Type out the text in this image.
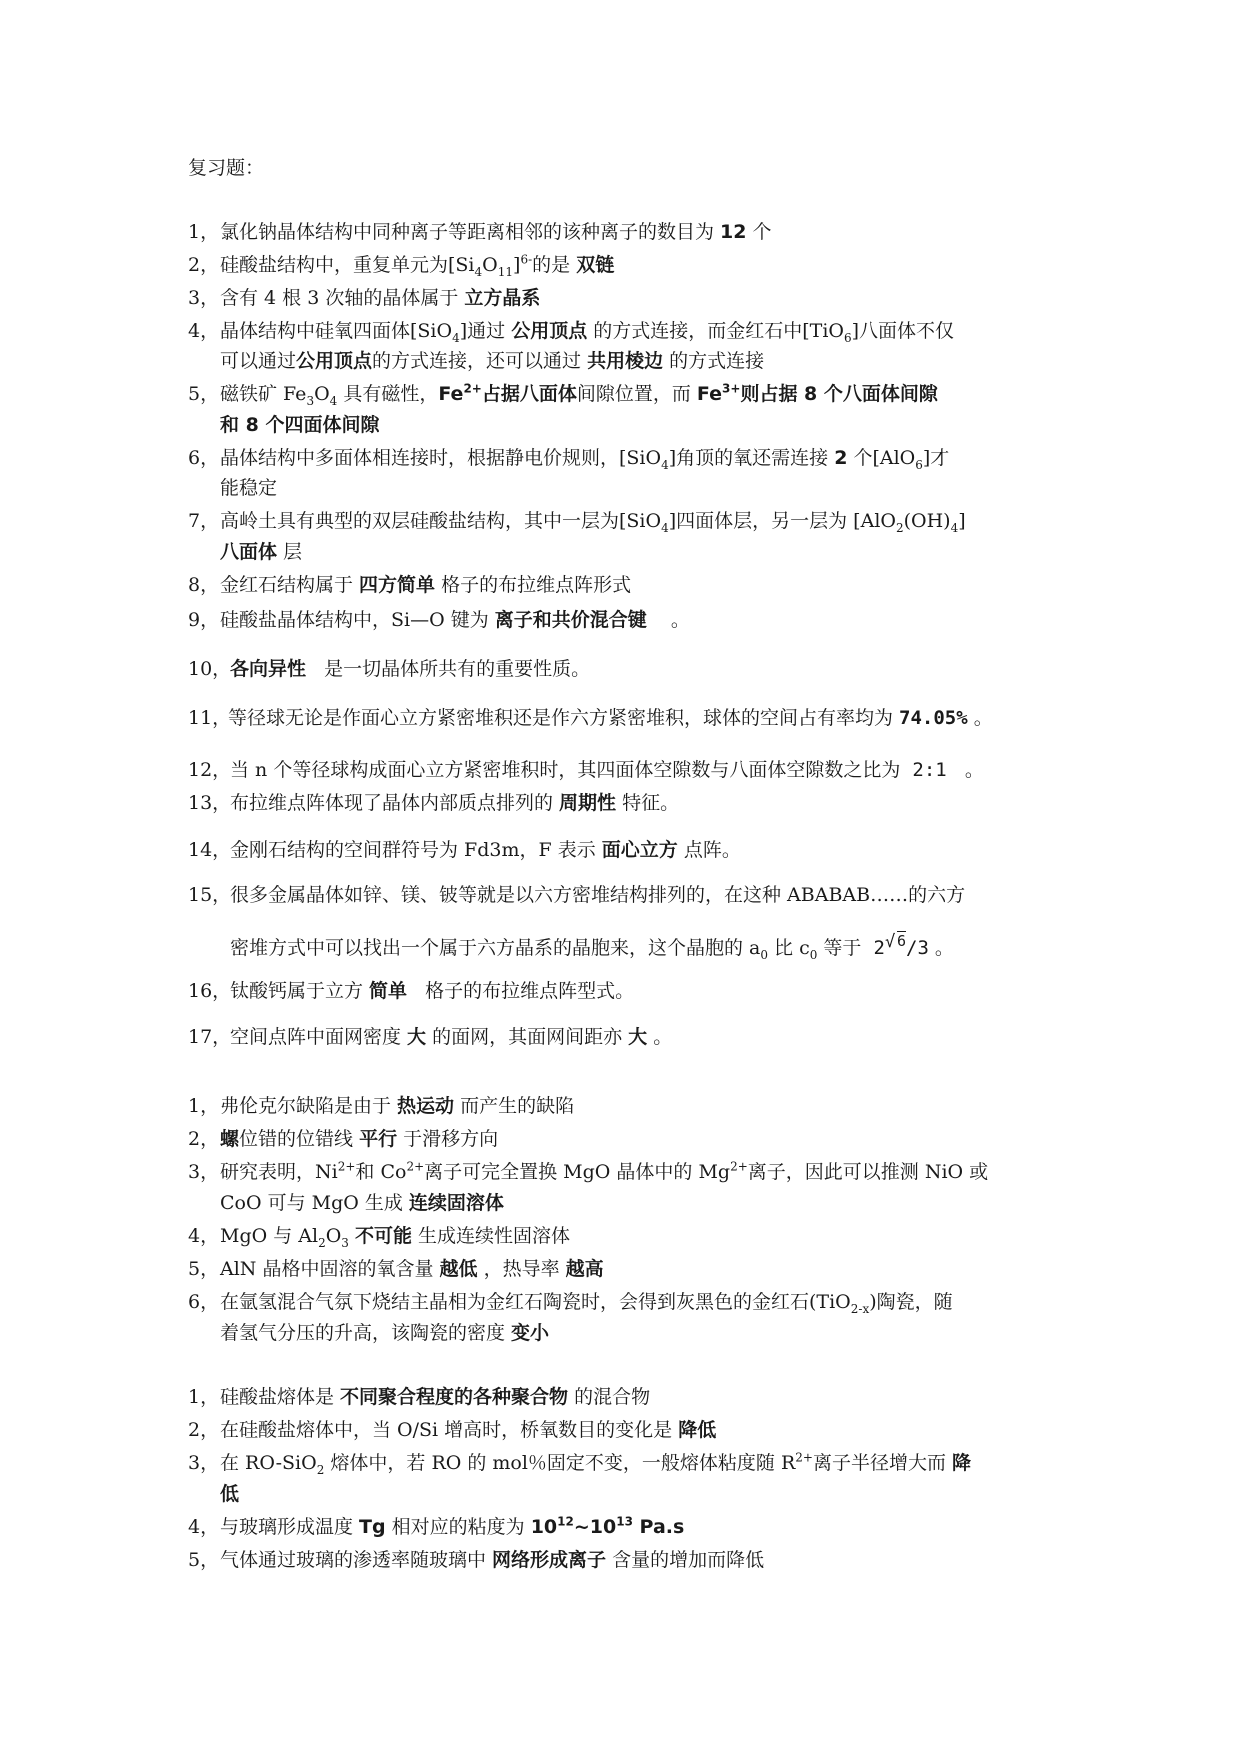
复习题：
1， 氯化钠晶体结构中同种离子等距离相邻的该种离子的数目为 12 个
2， 硅酸盐结构中，重复单元为$[Si_4O_{11}]^{6-}$的是 双链
3， 含有 4 根 3 次轴的晶体属于 立方晶系
4， 晶体结构中硅氧四面体[SiO$_4$]通过 公用顶点 的方式连接，而金红石中[TiO$_6$]八面体不仅
可以通过公用顶点的方式连接，还可以通过 共用棱边 的方式连接
5， 磁铁矿 $Fe_3O_4$ 具有磁性，$Fe^{2+}$占据八面体间隙位置，而 $Fe^{3+}$则占据 8 个八面体间隙
和 8 个四面体间隙
6， 晶体结构中多面体相连接时，根据静电价规则，[SiO$_4$]角顶的氧还需连接 2 个[AlO$_6$]才
能稳定
7， 高岭土具有典型的双层硅酸盐结构，其中一层为[SiO$_4$]四面体层，另一层为 $[AlO_2(OH)_4]$
八面体 层
8， 金红石结构属于 四方简单 格子的布拉维点阵形式
9， 硅酸盐晶体结构中，Si—O 键为 离子和共价混合键    。
10，
各向异性   是一切晶体所共有的重要性质。
11，
等径球无论是作面心立方紧密堆积还是作六方紧密堆积，球体的空间占有率均为 74.05% 。
12，
当 n 个等径球构成面心立方紧密堆积时，其四面体空隙数与八面体空隙数之比为  2:1   。
13，
布拉维点阵体现了晶体内部质点排列的 周期性 特征。
14，
金刚石结构的空间群符号为 Fd3m，F 表示 面心立方 点阵。
15，
很多金属晶体如锌、镁、铍等就是以六方密堆结构排列的，在这种 ABABAB……的六方
密堆方式中可以找出一个属于六方晶系的晶胞来，这个晶胞的 $a_0$ 比 $c_0$ 等于  2√ $^6$/3 。
16，
钛酸钙属于立方 简单   格子的布拉维点阵型式。
17，
空间点阵中面网密度 大 的面网，其面网间距亦 大 。
1， 弗伦克尔缺陷是由于 热运动 而产生的缺陷
2， 螺位错的位错线 平行 于滑移方向
3， 研究表明，$Ni^{2+}$和 $Co^{2+}$离子可完全置换 MgO 晶体中的 $Mg^{2+}$离子，因此可以推测 NiO 或
CoO 可与 MgO 生成 连续固溶体
4， MgO 与 $Al_2O_3$ 不可能 生成连续性固溶体
5， AlN 晶格中固溶的氧含量 越低 ，热导率 越高
6， 在氩氢混合气氛下烧结主晶相为金红石陶瓷时，会得到灰黑色的金红石(TiO$_{2-x}$)陶瓷，随
着氢气分压的升高，该陶瓷的密度 变小
1， 硅酸盐熔体是 不同聚合程度的各种聚合物 的混合物
2， 在硅酸盐熔体中，当 O/Si 增高时，桥氧数目的变化是 降低
3， 在 RO-SiO$_2$ 熔体中，若 RO 的 mol％固定不变，一般熔体粘度随 $R^{2+}$离子半径增大而 降
低
4， 与玻璃形成温度 Tg 相对应的粘度为 $10^{12}\sim 10^{13}$ Pa.s
5， 气体通过玻璃的渗透率随玻璃中 网络形成离子 含量的增加而降低
